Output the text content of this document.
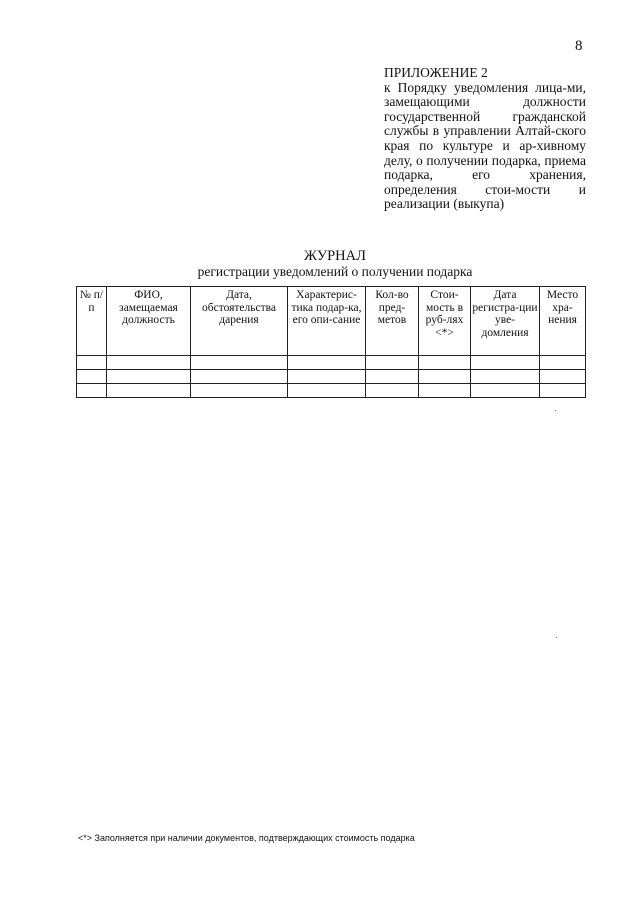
8
ПРИЛОЖЕНИЕ 2
к Порядку уведомления лица-ми, замещающими должности государственной гражданской службы в управлении Алтай-ского края по культуре и ар-хивному делу, о получении подарка, приема подарка, его хранения, определения стои-мости и реализации (выкупа)
ЖУРНАЛ
регистрации уведомлений о получении подарка
№ п/п	ФИО, замещаемая должность	Дата, обстоятельства дарения	Характерис-тика подар-ка, его опи-сание	Кол-во пред-метов	Стои-мость в руб-лях <*>	Дата регистра-ции уве-домления	Место хра-нения

<*> Заполняется при наличии документов, подтверждающих стоимость подарка
